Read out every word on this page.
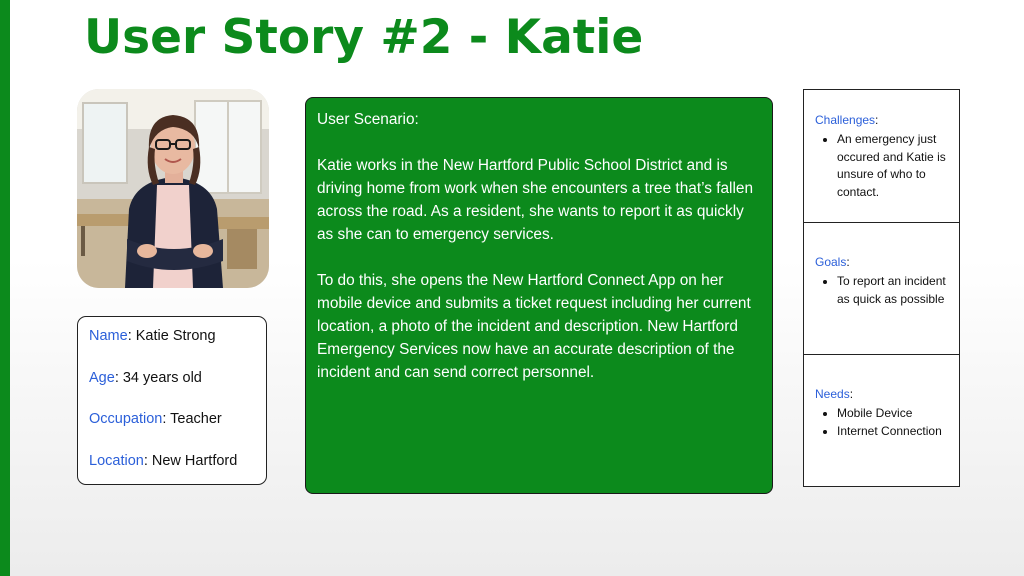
User Story #2 - Katie
Name: Katie Strong
Age: 34 years old
Occupation: Teacher
Location: New Hartford

User Scenario:

Katie works in the New Hartford Public School District and is driving home from work when she encounters a tree that’s fallen across the road. As a resident, she wants to report it as quickly as she can to emergency services.

To do this, she opens the New Hartford Connect App on her mobile device and submits a ticket request including her current location, a photo of the incident and description. New Hartford Emergency Services now have an accurate description of the incident and can send correct personnel.

Challenges:
• An emergency just occured and Katie is unsure of who to contact.
Goals:
• To report an incident as quick as possible
Needs:
• Mobile Device
• Internet Connection
